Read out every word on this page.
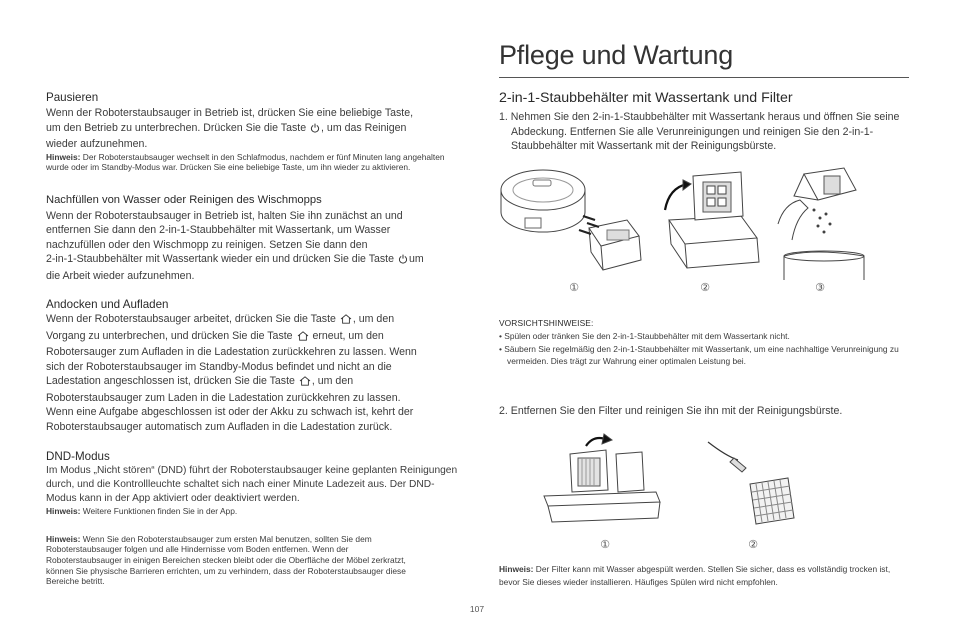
Pausieren
Wenn der Roboterstaubsauger in Betrieb ist, drücken Sie eine beliebige Taste,
um den Betrieb zu unterbrechen. Drücken Sie die Taste , um das Reinigen
wieder aufzunehmen.
Hinweis: Der Roboterstaubsauger wechselt in den Schlafmodus, nachdem er fünf Minuten lang angehalten wurde oder im Standby-Modus war. Drücken Sie eine beliebige Taste, um ihn wieder zu aktivieren.
Nachfüllen von Wasser oder Reinigen des Wischmopps
Wenn der Roboterstaubsauger in Betrieb ist, halten Sie ihn zunächst an und
entfernen Sie dann den 2-in-1-Staubbehälter mit Wassertank, um Wasser
nachzufüllen oder den Wischmopp zu reinigen. Setzen Sie dann den
2-in-1-Staubbehälter mit Wassertank wieder ein und drücken Sie die Taste um
die Arbeit wieder aufzunehmen.
Andocken und Aufladen
Wenn der Roboterstaubsauger arbeitet, drücken Sie die Taste , um den
Vorgang zu unterbrechen, und drücken Sie die Taste erneut, um den
Robotersauger zum Aufladen in die Ladestation zurückkehren zu lassen. Wenn
sich der Roboterstaubsauger im Standby-Modus befindet und nicht an die
Ladestation angeschlossen ist, drücken Sie die Taste , um den
Roboterstaubsauger zum Laden in die Ladestation zurückkehren zu lassen.
Wenn eine Aufgabe abgeschlossen ist oder der Akku zu schwach ist, kehrt der
Roboterstaubsauger automatisch zum Aufladen in die Ladestation zurück.
DND-Modus
Im Modus „Nicht stören“ (DND) führt der Roboterstaubsauger keine geplanten Reinigungen durch, und die Kontrollleuchte schaltet sich nach einer Minute Ladezeit aus. Der DND-Modus kann in der App aktiviert oder deaktiviert werden.
Hinweis: Weitere Funktionen finden Sie in der App.
Hinweis: Wenn Sie den Roboterstaubsauger zum ersten Mal benutzen, sollten Sie dem Roboterstaubsauger folgen und alle Hindernisse vom Boden entfernen. Wenn der Roboterstaubsauger in einigen Bereichen stecken bleibt oder die Oberfläche der Möbel zerkratzt, können Sie physische Barrieren errichten, um zu verhindern, dass der Roboterstaubsauger diese Bereiche betritt.
Pflege und Wartung
2-in-1-Staubbehälter mit Wassertank und Filter
1. Nehmen Sie den 2-in-1-Staubbehälter mit Wassertank heraus und öffnen Sie seine Abdeckung. Entfernen Sie alle Verunreinigungen und reinigen Sie den 2-in-1-Staubbehälter mit Wassertank mit der Reinigungsbürste.
①	②	③
VORSICHTSHINWEISE:
• Spülen oder tränken Sie den 2-in-1-Staubbehälter mit dem Wassertank nicht.
• Säubern Sie regelmäßig den 2-in-1-Staubbehälter mit Wassertank, um eine nachhaltige Verunreinigung zu vermeiden. Dies trägt zur Wahrung einer optimalen Leistung bei.
2. Entfernen Sie den Filter und reinigen Sie ihn mit der Reinigungsbürste.
①	②
Hinweis: Der Filter kann mit Wasser abgespült werden. Stellen Sie sicher, dass es vollständig trocken ist, bevor Sie dieses wieder installieren. Häufiges Spülen wird nicht empfohlen.
107
